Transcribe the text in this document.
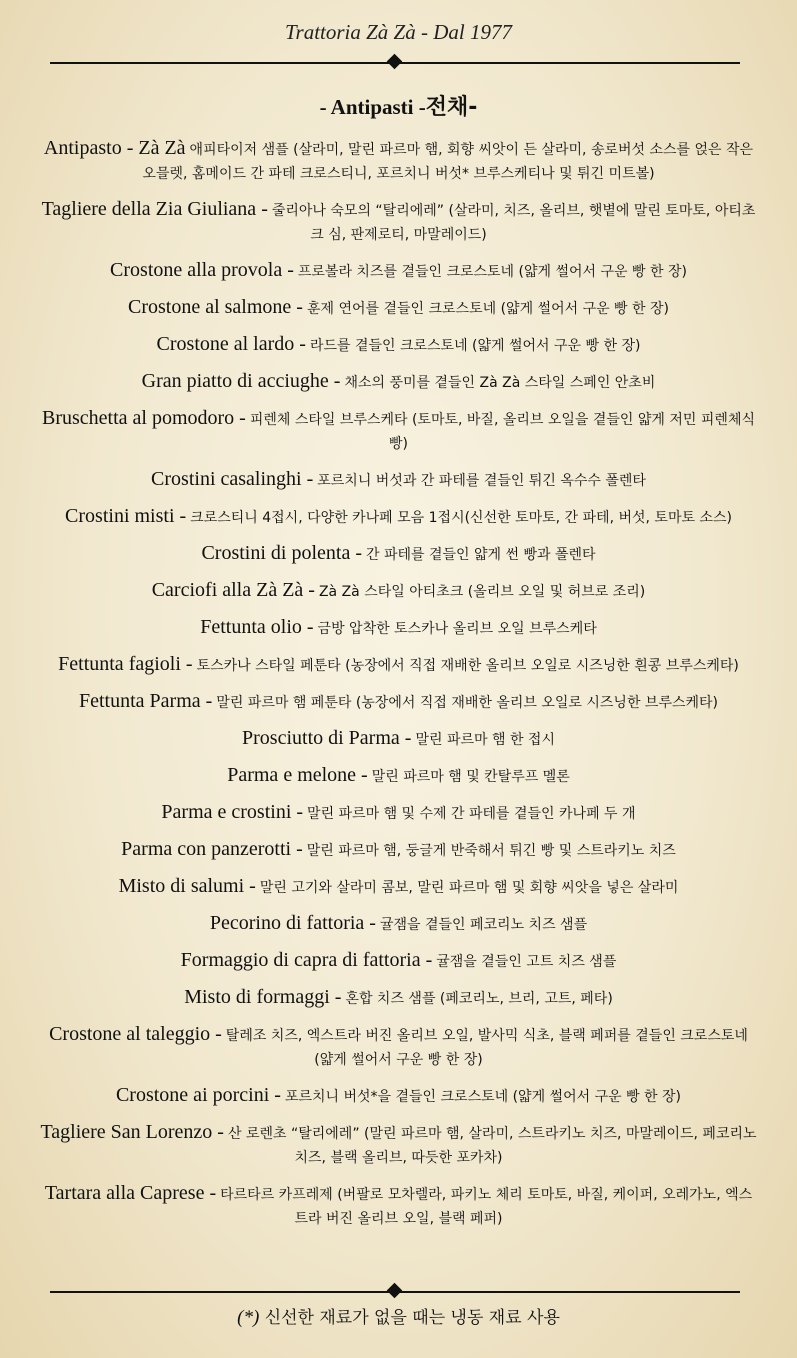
Trattoria Zà Zà - Dal 1977
- Antipasti -전채-
Antipasto - Zà Zà 애피타이저 샘플 (살라미, 말린 파르마 햄, 회향 씨앗이 든 살라미, 송로버섯 소스를 얹은 작은 오믈렛, 홈메이드 간 파테 크로스티니, 포르치니 버섯* 브루스케티나 및 튀긴 미트볼)
Tagliere della Zia Giuliana - 줄리아나 숙모의 “탈리에레” (살라미, 치즈, 올리브, 햇볕에 말린 토마토, 아티초크 심, 판제로티, 마말레이드)
Crostone alla provola - 프로볼라 치즈를 곁들인 크로스토네 (얇게 썰어서 구운 빵 한 장)
Crostone al salmone - 훈제 연어를 곁들인 크로스토네 (얇게 썰어서 구운 빵 한 장)
Crostone al lardo - 라드를 곁들인 크로스토네 (얇게 썰어서 구운 빵 한 장)
Gran piatto di acciughe - 채소의 풍미를 곁들인 Zà Zà 스타일 스페인 안초비
Bruschetta al pomodoro - 피렌체 스타일 브루스케타 (토마토, 바질, 올리브 오일을 곁들인 얇게 저민 피렌체식 빵)
Crostini casalinghi - 포르치니 버섯과 간 파테를 곁들인 튀긴 옥수수 폴렌타
Crostini misti - 크로스티니 4접시, 다양한 카나페 모음 1접시(신선한 토마토, 간 파테, 버섯, 토마토 소스)
Crostini di polenta - 간 파테를 곁들인 얇게 썬 빵과 폴렌타
Carciofi alla Zà Zà - Zà Zà 스타일 아티초크 (올리브 오일 및 허브로 조리)
Fettunta olio - 금방 압착한 토스카나 올리브 오일 브루스케타
Fettunta fagioli - 토스카나 스타일 페툰타 (농장에서 직접 재배한 올리브 오일로 시즈닝한 흰콩 브루스케타)
Fettunta Parma - 말린 파르마 햄 페툰타 (농장에서 직접 재배한 올리브 오일로 시즈닝한 브루스케타)
Prosciutto di Parma - 말린 파르마 햄 한 접시
Parma e melone - 말린 파르마 햄 및 칸탈루프 멜론
Parma e crostini - 말린 파르마 햄 및 수제 간 파테를 곁들인 카나페 두 개
Parma con panzerotti - 말린 파르마 햄, 둥글게 반죽해서 튀긴 빵 및 스트라키노 치즈
Misto di salumi - 말린 고기와 살라미 콤보, 말린 파르마 햄 및 회향 씨앗을 넣은 살라미
Pecorino di fattoria - 귤잼을 곁들인 페코리노 치즈 샘플
Formaggio di capra di fattoria - 귤잼을 곁들인 고트 치즈 샘플
Misto di formaggi - 혼합 치즈 샘플 (페코리노, 브리, 고트, 페타)
Crostone al taleggio - 탈레조 치즈, 엑스트라 버진 올리브 오일, 발사믹 식초, 블랙 페퍼를 곁들인 크로스토네 (얇게 썰어서 구운 빵 한 장)
Crostone ai porcini - 포르치니 버섯*을 곁들인 크로스토네 (얇게 썰어서 구운 빵 한 장)
Tagliere San Lorenzo - 산 로렌초 “탈리에레” (말린 파르마 햄, 살라미, 스트라키노 치즈, 마말레이드, 페코리노 치즈, 블랙 올리브, 따듯한 포카차)
Tartara alla Caprese - 타르타르 카프레제 (버팔로 모차렐라, 파키노 체리 토마토, 바질, 케이퍼, 오레가노, 엑스트라 버진 올리브 오일, 블랙 페퍼)
(*) 신선한 재료가 없을 때는 냉동 재료 사용
